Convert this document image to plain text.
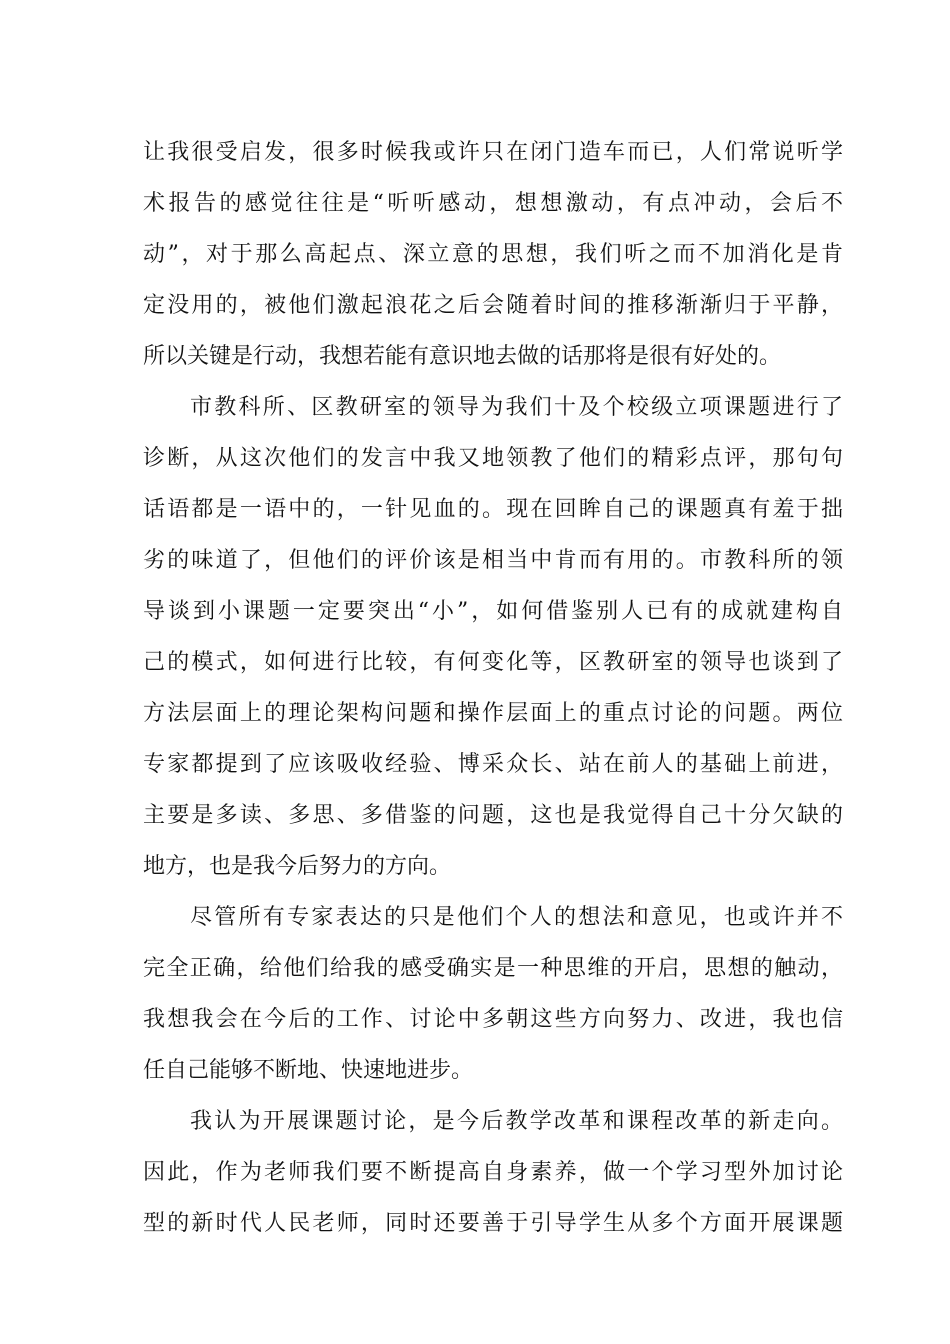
让我很受启发，很多时候我或许只在闭门造车而已，人们常说听学
术报告的感觉往往是“听听感动，想想激动，有点冲动，会后不
动”，对于那么高起点、深立意的思想，我们听之而不加消化是肯
定没用的，被他们激起浪花之后会随着时间的推移渐渐归于平静，
所以关键是行动，我想若能有意识地去做的话那将是很有好处的。
市教科所、区教研室的领导为我们十及个校级立项课题进行了
诊断，从这次他们的发言中我又地领教了他们的精彩点评，那句句
话语都是一语中的，一针见血的。现在回眸自己的课题真有羞于拙
劣的味道了，但他们的评价该是相当中肯而有用的。市教科所的领
导谈到小课题一定要突出“小”，如何借鉴别人已有的成就建构自
己的模式，如何进行比较，有何变化等，区教研室的领导也谈到了
方法层面上的理论架构问题和操作层面上的重点讨论的问题。两位
专家都提到了应该吸收经验、博采众长、站在前人的基础上前进，
主要是多读、多思、多借鉴的问题，这也是我觉得自己十分欠缺的
地方，也是我今后努力的方向。
尽管所有专家表达的只是他们个人的想法和意见，也或许并不
完全正确，给他们给我的感受确实是一种思维的开启，思想的触动，
我想我会在今后的工作、讨论中多朝这些方向努力、改进，我也信
任自己能够不断地、快速地进步。
我认为开展课题讨论，是今后教学改革和课程改革的新走向。
因此，作为老师我们要不断提高自身素养，做一个学习型外加讨论
型的新时代人民老师，同时还要善于引导学生从多个方面开展课题
